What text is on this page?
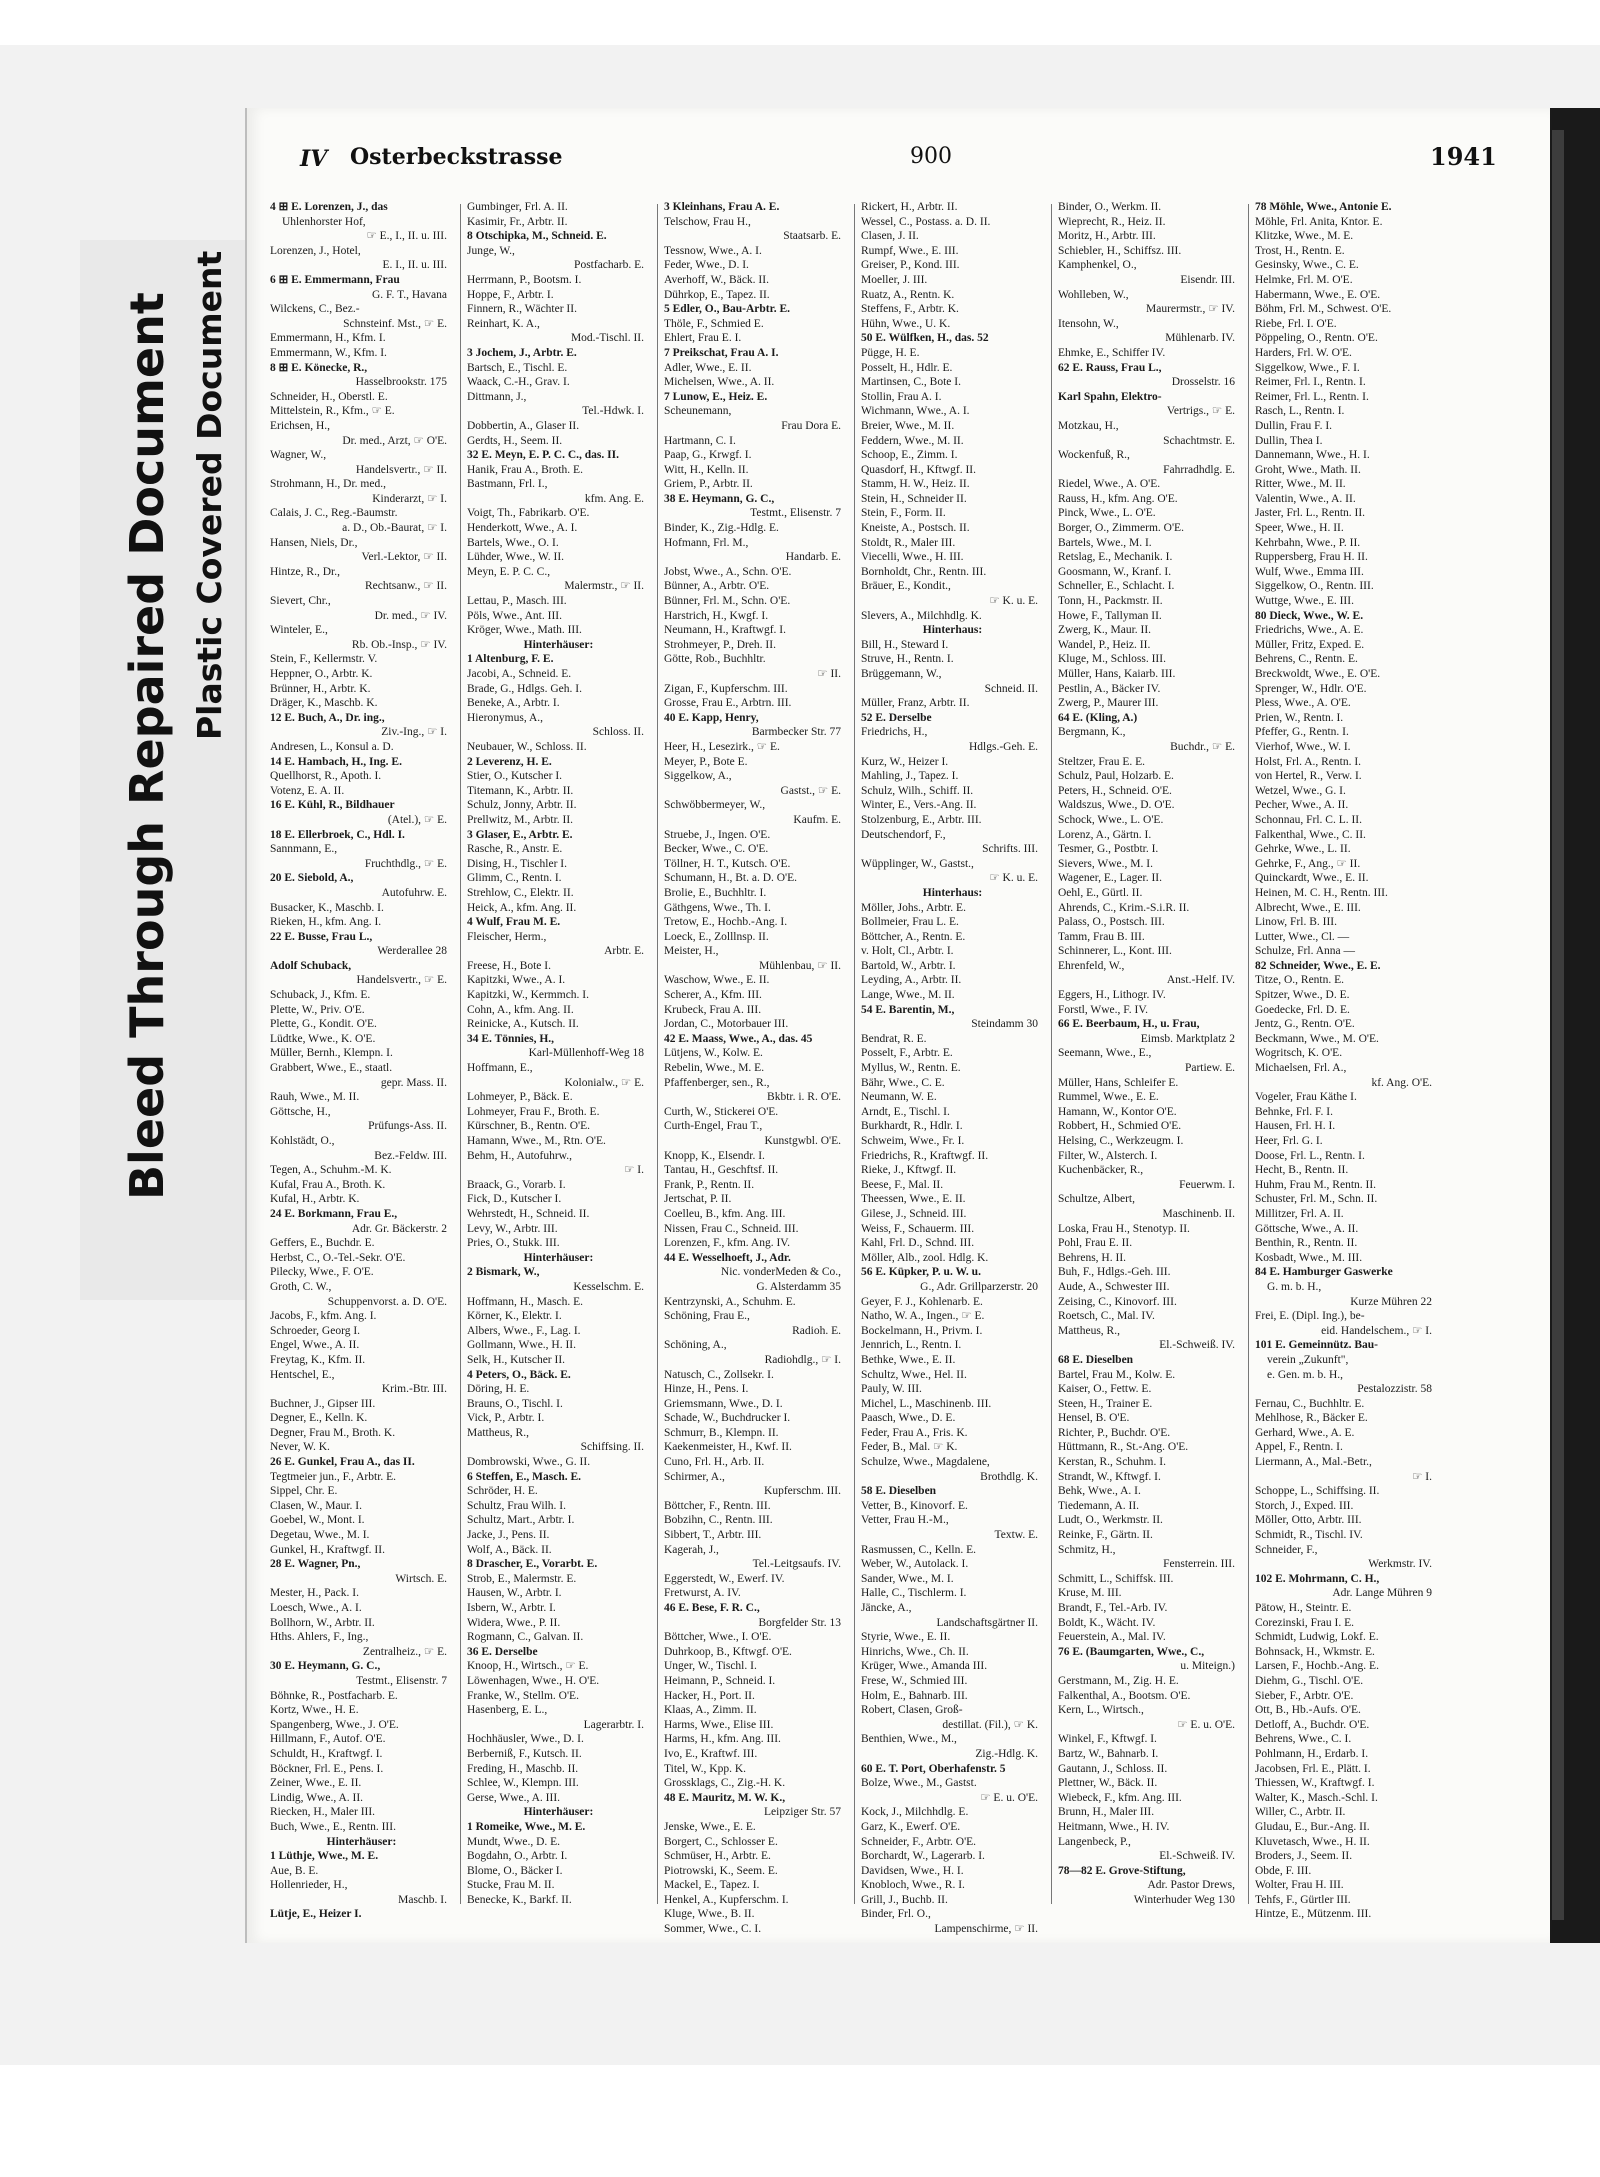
Bleed Through Repaired Document Plastic Covered Document
IV Osterbeckstrasse	900	1941
4 ⊞ E. Lorenzen, J., das
Uhlenhorster Hof,
☞ E., I., II. u. III.
Lorenzen, J., Hotel,
E. I., II. u. III.
6 ⊞ E. Emmermann, Frau
G. F. T., Havana
Wilckens, C., Bez.-
Schnsteinf. Mst., ☞ E.
Emmermann, H., Kfm. I.
Emmermann, W., Kfm. I.
8 ⊞ E. Könecke, R.,
Hasselbrookstr. 175
Schneider, H., Oberstl. E.
Mittelstein, R., Kfm., ☞ E.
Erichsen, H.,
Dr. med., Arzt, ☞ O'E.
Wagner, W.,
Handelsvertr., ☞ II.
Strohmann, H., Dr. med.,
Kinderarzt, ☞ I.
Calais, J. C., Reg.-Baumstr.
a. D., Ob.-Baurat, ☞ I.
Hansen, Niels, Dr.,
Verl.-Lektor, ☞ II.
Hintze, R., Dr.,
Rechtsanw., ☞ II.
Sievert, Chr.,
Dr. med., ☞ IV.
Winteler, E.,
Rb. Ob.-Insp., ☞ IV.
Stein, F., Kellermstr. V.
Heppner, O., Arbtr. K.
Brünner, H., Arbtr. K.
Dräger, K., Maschb. K.
12 E. Buch, A., Dr. ing.,
Ziv.-Ing., ☞ I.
Andresen, L., Konsul a. D.
14 E. Hambach, H., Ing. E.
Quellhorst, R., Apoth. I.
Votenz, E. A. II.
16 E. Kühl, R., Bildhauer
(Atel.), ☞ E.
18 E. Ellerbroek, C., Hdl. I.
Sannmann, E.,
Fruchthdlg., ☞ E.
20 E. Siebold, A.,
Autofuhrw. E.
Busacker, K., Maschb. I.
Rieken, H., kfm. Ang. I.
22 E. Busse, Frau L.,
Werderallee 28
Adolf Schuback,
Handelsvertr., ☞ E.
Schuback, J., Kfm. E.
Plette, W., Priv. O'E.
Plette, G., Kondit. O'E.
Lüdtke, Wwe., K. O'E.
Müller, Bernh., Klempn. I.
Grabbert, Wwe., E., staatl.
gepr. Mass. II.
Rauh, Wwe., M. II.
Göttsche, H.,
Prüfungs-Ass. II.
Kohlstädt, O.,
Bez.-Feldw. III.
Tegen, A., Schuhm.-M. K.
Kufal, Frau A., Broth. K.
Kufal, H., Arbtr. K.
24 E. Borkmann, Frau E.,
Adr. Gr. Bäckerstr. 2
Geffers, E., Buchdr. E.
Herbst, C., O.-Tel.-Sekr. O'E.
Pilecky, Wwe., F. O'E.
Groth, C. W.,
Schuppenvorst. a. D. O'E.
Jacobs, F., kfm. Ang. I.
Schroeder, Georg I.
Engel, Wwe., A. II.
Freytag, K., Kfm. II.
Hentschel, E.,
Krim.-Btr. III.
Buchner, J., Gipser III.
Degner, E., Kelln. K.
Degner, Frau M., Broth. K.
Never, W. K.
26 E. Gunkel, Frau A., das II.
Tegtmeier jun., F., Arbtr. E.
Sippel, Chr. E.
Clasen, W., Maur. I.
Goebel, W., Mont. I.
Degetau, Wwe., M. I.
Gunkel, H., Kraftwgf. II.
28 E. Wagner, Pn.,
Wirtsch. E.
Mester, H., Pack. I.
Loesch, Wwe., A. I.
Bollhorn, W., Arbtr. II.
Hths. Ahlers, F., Ing.,
Zentralheiz., ☞ E.
30 E. Heymann, G. C.,
Testmt., Elisenstr. 7
Böhnke, R., Postfacharb. E.
Kortz, Wwe., H. E.
Spangenberg, Wwe., J. O'E.
Hillmann, F., Autof. O'E.
Schuldt, H., Kraftwgf. I.
Böckner, Frl. E., Pens. I.
Zeiner, Wwe., E. II.
Lindig, Wwe., A. II.
Riecken, H., Maler III.
Buch, Wwe., E., Rentn. III.
Hinterhäuser:
1 Lüthje, Wwe., M. E.
Aue, B. E.
Hollenrieder, H.,
Maschb. I.
Lütje, E., Heizer I.
Gumbinger, Frl. A. II.
Kasimir, Fr., Arbtr. II.
8 Otschipka, M., Schneid. E.
Junge, W.,
Postfacharb. E.
Herrmann, P., Bootsm. I.
Hoppe, F., Arbtr. I.
Finnern, R., Wächter II.
Reinhart, K. A.,
Mod.-Tischl. II.
3 Jochem, J., Arbtr. E.
Bartsch, E., Tischl. E.
Waack, C.-H., Grav. I.
Dittmann, J.,
Tel.-Hdwk. I.
Dobbertin, A., Glaser II.
Gerdts, H., Seem. II.
32 E. Meyn, E. P. C. C., das. II.
Hanik, Frau A., Broth. E.
Bastmann, Frl. I.,
kfm. Ang. E.
Voigt, Th., Fabrikarb. O'E.
Henderkott, Wwe., A. I.
Bartels, Wwe., O. I.
Lühder, Wwe., W. II.
Meyn, E. P. C. C.,
Malermstr., ☞ II.
Lettau, P., Masch. III.
Pöls, Wwe., Ant. III.
Kröger, Wwe., Math. III.
Hinterhäuser:
1 Altenburg, F. E.
Jacobi, A., Schneid. E.
Brade, G., Hdlgs. Geh. I.
Beneke, A., Arbtr. I.
Hieronymus, A.,
Schloss. II.
Neubauer, W., Schloss. II.
2 Leverenz, H. E.
Stier, O., Kutscher I.
Titemann, K., Arbtr. II.
Schulz, Jonny, Arbtr. II.
Prellwitz, M., Arbtr. II.
3 Glaser, E., Arbtr. E.
Rasche, R., Anstr. E.
Dising, H., Tischler I.
Glimm, C., Rentn. I.
Strehlow, C., Elektr. II.
Heick, A., kfm. Ang. II.
4 Wulf, Frau M. E.
Fleischer, Herm.,
Arbtr. E.
Freese, H., Bote I.
Kapitzki, Wwe., A. I.
Kapitzki, W., Kermmch. I.
Cohn, A., kfm. Ang. II.
Reinicke, A., Kutsch. II.
34 E. Tönnies, H.,
Karl-Müllenhoff-Weg 18
Hoffmann, E.,
Kolonialw., ☞ E.
Lohmeyer, P., Bäck. E.
Lohmeyer, Frau F., Broth. E.
Kürschner, B., Rentn. O'E.
Hamann, Wwe., M., Rtn. O'E.
Behm, H., Autofuhrw.,
☞ I.
Braack, G., Vorarb. I.
Fick, D., Kutscher I.
Wehrstedt, H., Schneid. II.
Levy, W., Arbtr. III.
Pries, O., Stukk. III.
Hinterhäuser:
2 Bismark, W.,
Kesselschm. E.
Hoffmann, H., Masch. E.
Körner, K., Elektr. I.
Albers, Wwe., F., Lag. I.
Gollmann, Wwe., H. II.
Selk, H., Kutscher II.
4 Peters, O., Bäck. E.
Döring, H. E.
Brauns, O., Tischl. I.
Vick, P., Arbtr. I.
Mattheus, R.,
Schiffsing. II.
Dombrowski, Wwe., G. II.
6 Steffen, E., Masch. E.
Schröder, H. E.
Schultz, Frau Wilh. I.
Schultz, Mart., Arbtr. I.
Jacke, J., Pens. II.
Wolf, A., Bäck. II.
8 Drascher, E., Vorarbt. E.
Strob, E., Malermstr. E.
Hausen, W., Arbtr. I.
Isbern, W., Arbtr. I.
Widera, Wwe., P. II.
Rogmann, C., Galvan. II.
36 E. Derselbe
Knoop, H., Wirtsch., ☞ E.
Löwenhagen, Wwe., H. O'E.
Franke, W., Stellm. O'E.
Hasenberg, E. L.,
Lagerarbtr. I.
Hochhäusler, Wwe., D. I.
Berberniß, F., Kutsch. II.
Freding, H., Maschb. II.
Schlee, W., Klempn. III.
Gerse, Wwe., A. III.
Hinterhäuser:
1 Romeike, Wwe., M. E.
Mundt, Wwe., D. E.
Bogdahn, O., Arbtr. I.
Blome, O., Bäcker I.
Stucke, Frau M. II.
Benecke, K., Barkf. II.
3 Kleinhans, Frau A. E.
Telschow, Frau H.,
Staatsarb. E.
Tessnow, Wwe., A. I.
Feder, Wwe., D. I.
Averhoff, W., Bäck. II.
Dührkop, E., Tapez. II.
5 Edler, O., Bau-Arbtr. E.
Thöle, F., Schmied E.
Ehlert, Frau E. I.
7 Preikschat, Frau A. I.
Adler, Wwe., E. II.
Michelsen, Wwe., A. II.
7 Lunow, E., Heiz. E.
Scheunemann,
Frau Dora E.
Hartmann, C. I.
Paap, G., Krwgf. I.
Witt, H., Kelln. II.
Griem, P., Arbtr. II.
38 E. Heymann, G. C.,
Testmt., Elisenstr. 7
Binder, K., Zig.-Hdlg. E.
Hofmann, Frl. M.,
Handarb. E.
Jobst, Wwe., A., Schn. O'E.
Bünner, A., Arbtr. O'E.
Bünner, Frl. M., Schn. O'E.
Harstrich, H., Kwgf. I.
Neumann, H., Kraftwgf. I.
Strohmeyer, P., Dreh. II.
Götte, Rob., Buchhltr.
☞ II.
Zigan, F., Kupferschm. III.
Grosse, Frau E., Arbtrn. III.
40 E. Kapp, Henry,
Barmbecker Str. 77
Heer, H., Lesezirk., ☞ E.
Meyer, P., Bote E.
Siggelkow, A.,
Gastst., ☞ E.
Schwöbbermeyer, W.,
Kaufm. E.
Struebe, J., Ingen. O'E.
Becker, Wwe., C. O'E.
Töllner, H. T., Kutsch. O'E.
Schumann, H., Bt. a. D. O'E.
Brolie, E., Buchhltr. I.
Gäthgens, Wwe., Th. I.
Tretow, E., Hochb.-Ang. I.
Loeck, E., Zolllnsp. II.
Meister, H.,
Mühlenbau, ☞ II.
Waschow, Wwe., E. II.
Scherer, A., Kfm. III.
Krubeck, Frau A. III.
Jordan, C., Motorbauer III.
42 E. Maass, Wwe., A., das. 45
Lütjens, W., Kolw. E.
Rebelin, Wwe., M. E.
Pfaffenberger, sen., R.,
Bkbtr. i. R. O'E.
Curth, W., Stickerei O'E.
Curth-Engel, Frau T.,
Kunstgwbl. O'E.
Knopp, K., Elsendr. I.
Tantau, H., Geschftsf. II.
Frank, P., Rentn. II.
Jertschat, P. II.
Coelleu, B., kfm. Ang. III.
Nissen, Frau C., Schneid. III.
Lorenzen, F., kfm. Ang. IV.
44 E. Wesselhoeft, J., Adr.
Nic. vonderMeden & Co.,
G. Alsterdamm 35
Kentrzynski, A., Schuhm. E.
Schöning, Frau E.,
Radioh. E.
Schöning, A.,
Radiohdlg., ☞ I.
Natusch, C., Zollsekr. I.
Hinze, H., Pens. I.
Griemsmann, Wwe., D. I.
Schade, W., Buchdrucker I.
Schmurr, B., Klempn. II.
Kaekenmeister, H., Kwf. II.
Cuno, Frl. H., Arb. II.
Schirmer, A.,
Kupferschm. III.
Böttcher, F., Rentn. III.
Bobzihn, C., Rentn. III.
Sibbert, T., Arbtr. III.
Kagerah, J.,
Tel.-Leitgsaufs. IV.
Eggerstedt, W., Ewerf. IV.
Fretwurst, A. IV.
46 E. Bese, F. R. C.,
Borgfelder Str. 13
Böttcher, Wwe., I. O'E.
Duhrkoop, B., Kftwgf. O'E.
Unger, W., Tischl. I.
Heimann, P., Schneid. I.
Hacker, H., Port. II.
Klaas, A., Zimm. II.
Harms, Wwe., Elise III.
Harms, H., kfm. Ang. III.
Ivo, E., Kraftwf. III.
Titel, W., Kpp. K.
Grossklags, C., Zig.-H. K.
48 E. Mauritz, M. W. K.,
Leipziger Str. 57
Jenske, Wwe., E. E.
Borgert, C., Schlosser E.
Schmüser, H., Arbtr. E.
Piotrowski, K., Seem. E.
Mackel, E., Tapez. I.
Henkel, A., Kupferschm. I.
Kluge, Wwe., B. II.
Sommer, Wwe., C. I.
Rickert, H., Arbtr. II.
Wessel, C., Postass. a. D. II.
Clasen, J. II.
Rumpf, Wwe., E. III.
Greiser, P., Kond. III.
Moeller, J. III.
Ruatz, A., Rentn. K.
Steffens, F., Arbtr. K.
Hühn, Wwe., U. K.
50 E. Wülfken, H., das. 52
Pügge, H. E.
Posselt, H., Hdlr. E.
Martinsen, C., Bote I.
Stollin, Frau A. I.
Wichmann, Wwe., A. I.
Breier, Wwe., M. II.
Feddern, Wwe., M. II.
Schoop, E., Zimm. I.
Quasdorf, H., Kftwgf. II.
Stamm, H. W., Heiz. II.
Stein, H., Schneider II.
Stein, F., Form. II.
Kneiste, A., Postsch. II.
Stoldt, R., Maler III.
Viecelli, Wwe., H. III.
Bornholdt, Chr., Rentn. III.
Bräuer, E., Kondit.,
☞ K. u. E.
Slevers, A., Milchhdlg. K.
Hinterhaus:
Bill, H., Steward I.
Struve, H., Rentn. I.
Brüggemann, W.,
Schneid. II.
Müller, Franz, Arbtr. II.
52 E. Derselbe
Friedrichs, H.,
Hdlgs.-Geh. E.
Kurz, W., Heizer I.
Mahling, J., Tapez. I.
Schulz, Wilh., Schiff. II.
Winter, E., Vers.-Ang. II.
Stolzenburg, E., Arbtr. III.
Deutschendorf, F.,
Schrifts. III.
Wüpplinger, W., Gastst.,
☞ K. u. E.
Hinterhaus:
Möller, Johs., Arbtr. E.
Bollmeier, Frau L. E.
Böttcher, A., Rentn. E.
v. Holt, Cl., Arbtr. I.
Bartold, W., Arbtr. I.
Leyding, A., Arbtr. II.
Lange, Wwe., M. II.
54 E. Barentin, M.,
Steindamm 30
Bendrat, R. E.
Posselt, F., Arbtr. E.
Myllus, W., Rentn. E.
Bähr, Wwe., C. E.
Neumann, W. E.
Arndt, E., Tischl. I.
Burkhardt, R., Hdlr. I.
Schweim, Wwe., Fr. I.
Friedrichs, R., Kraftwgf. II.
Rieke, J., Kftwgf. II.
Beese, F., Mal. II.
Theessen, Wwe., E. II.
Gilese, J., Schneid. III.
Weiss, F., Schauerm. III.
Kahl, Frl. D., Schnd. III.
Möller, Alb., zool. Hdlg. K.
56 E. Küpker, P. u. W. u.
G., Adr. Grillparzerstr. 20
Geyer, F. J., Kohlenarb. E.
Natho, W. A., Ingen., ☞ E.
Bockelmann, H., Privm. I.
Jennrich, L., Rentn. I.
Bethke, Wwe., E. II.
Schultz, Wwe., Hel. II.
Pauly, W. III.
Michel, L., Maschinenb. III.
Paasch, Wwe., D. E.
Feder, Frau A., Fris. K.
Feder, B., Mal. ☞ K.
Schulze, Wwe., Magdalene,
Brothdlg. K.
58 E. Dieselben
Vetter, B., Kinovorf. E.
Vetter, Frau H.-M.,
Textw. E.
Rasmussen, C., Kelln. E.
Weber, W., Autolack. I.
Sander, Wwe., M. I.
Halle, C., Tischlerm. I.
Jäncke, A.,
Landschaftsgärtner II.
Styrie, Wwe., E. II.
Hinrichs, Wwe., Ch. II.
Krüger, Wwe., Amanda III.
Frese, W., Schmied III.
Holm, E., Bahnarb. III.
Robert, Clasen, Groß-
destillat. (Fil.), ☞ K.
Benthien, Wwe., M.,
Zig.-Hdlg. K.
60 E. T. Port, Oberhafenstr. 5
Bolze, Wwe., M., Gastst.
☞ E. u. O'E.
Kock, J., Milchhdlg. E.
Garz, K., Ewerf. O'E.
Schneider, F., Arbtr. O'E.
Borchardt, W., Lagerarb. I.
Davidsen, Wwe., H. I.
Knobloch, Wwe., R. I.
Grill, J., Buchb. II.
Binder, Frl. O.,
Lampenschirme, ☞ II.
Binder, O., Werkm. II.
Wieprecht, R., Heiz. II.
Moritz, H., Arbtr. III.
Schiebler, H., Schiffsz. III.
Kamphenkel, O.,
Eisendr. III.
Wohlleben, W.,
Maurermstr., ☞ IV.
Itensohn, W.,
Mühlenarb. IV.
Ehmke, E., Schiffer IV.
62 E. Rauss, Frau L.,
Drosselstr. 16
Karl Spahn, Elektro-
Vertrigs., ☞ E.
Motzkau, H.,
Schachtmstr. E.
Wockenfuß, R.,
Fahrradhdlg. E.
Riedel, Wwe., A. O'E.
Rauss, H., kfm. Ang. O'E.
Pinck, Wwe., L. O'E.
Borger, O., Zimmerm. O'E.
Bartels, Wwe., M. I.
Retslag, E., Mechanik. I.
Goosmann, W., Kranf. I.
Schneller, E., Schlacht. I.
Tonn, H., Packmstr. II.
Howe, F., Tallyman II.
Zwerg, K., Maur. II.
Wandel, P., Heiz. II.
Kluge, M., Schloss. III.
Müller, Hans, Kaiarb. III.
Pestlin, A., Bäcker IV.
Zwerg, P., Maurer III.
64 E. (Kling, A.)
Bergmann, K.,
Buchdr., ☞ E.
Steltzer, Frau E. E.
Schulz, Paul, Holzarb. E.
Peters, H., Schneid. O'E.
Waldszus, Wwe., D. O'E.
Schock, Wwe., L. O'E.
Lorenz, A., Gärtn. I.
Tesmer, G., Postbtr. I.
Sievers, Wwe., M. I.
Wagener, E., Lager. II.
Oehl, E., Gürtl. II.
Ahrends, C., Krim.-S.i.R. II.
Palass, O., Postsch. III.
Tamm, Frau B. III.
Schinnerer, L., Kont. III.
Ehrenfeld, W.,
Anst.-Helf. IV.
Eggers, H., Lithogr. IV.
Forstl, Wwe., F. IV.
66 E. Beerbaum, H., u. Frau,
Eimsb. Marktplatz 2
Seemann, Wwe., E.,
Partiew. E.
Müller, Hans, Schleifer E.
Rummel, Wwe., E. E.
Hamann, W., Kontor O'E.
Robbert, H., Schmied O'E.
Helsing, C., Werkzeugm. I.
Filter, W., Alsterch. I.
Kuchenbäcker, R.,
Feuerwm. I.
Schultze, Albert,
Maschinenb. II.
Loska, Frau H., Stenotyp. II.
Pohl, Frau E. II.
Behrens, H. II.
Buh, F., Hdlgs.-Geh. III.
Aude, A., Schwester III.
Zeising, C., Kinovorf. III.
Roetsch, C., Mal. IV.
Mattheus, R.,
El.-Schweiß. IV.
68 E. Dieselben
Bartel, Frau M., Kolw. E.
Kaiser, O., Fettw. E.
Steen, H., Trainer E.
Hensel, B. O'E.
Richter, P., Buchdr. O'E.
Hüttmann, R., St.-Ang. O'E.
Kerstan, R., Schuhm. I.
Strandt, W., Kftwgf. I.
Behk, Wwe., A. I.
Tiedemann, A. II.
Ludt, O., Werkmstr. II.
Reinke, F., Gärtn. II.
Schmitz, H.,
Fensterrein. III.
Schmitt, L., Schiffsk. III.
Kruse, M. III.
Brandt, F., Tel.-Arb. IV.
Boldt, K., Wächt. IV.
Feuerstein, A., Mal. IV.
76 E. (Baumgarten, Wwe., C.,
u. Miteign.)
Gerstmann, M., Zig. H. E.
Falkenthal, A., Bootsm. O'E.
Kern, L., Wirtsch.,
☞ E. u. O'E.
Winkel, F., Kftwgf. I.
Bartz, W., Bahnarb. I.
Gautann, J., Schloss. II.
Plettner, W., Bäck. II.
Wiebeck, F., kfm. Ang. III.
Brunn, H., Maler III.
Heitmann, Wwe., H. IV.
Langenbeck, P.,
El.-Schweiß. IV.
78—82 E. Grove-Stiftung,
Adr. Pastor Drews,
Winterhuder Weg 130
78 Möhle, Wwe., Antonie E.
Möhle, Frl. Anita, Kntor. E.
Klitzke, Wwe., M. E.
Trost, H., Rentn. E.
Gesinsky, Wwe., C. E.
Helmke, Frl. M. O'E.
Habermann, Wwe., E. O'E.
Böhm, Frl. M., Schwest. O'E.
Riebe, Frl. I. O'E.
Pöppeling, O., Rentn. O'E.
Harders, Frl. W. O'E.
Siggelkow, Wwe., F. I.
Reimer, Frl. I., Rentn. I.
Reimer, Frl. L., Rentn. I.
Rasch, L., Rentn. I.
Dullin, Frau F. I.
Dullin, Thea I.
Dannemann, Wwe., H. I.
Groht, Wwe., Math. II.
Ritter, Wwe., M. II.
Valentin, Wwe., A. II.
Jaster, Frl. L., Rentn. II.
Speer, Wwe., H. II.
Kehrbahn, Wwe., P. II.
Ruppersberg, Frau H. II.
Wulf, Wwe., Emma III.
Siggelkow, O., Rentn. III.
Wuttge, Wwe., E. III.
80 Dieck, Wwe., W. E.
Friedrichs, Wwe., A. E.
Müller, Fritz, Exped. E.
Behrens, C., Rentn. E.
Breckwoldt, Wwe., E. O'E.
Sprenger, W., Hdlr. O'E.
Pless, Wwe., A. O'E.
Prien, W., Rentn. I.
Pfeffer, G., Rentn. I.
Vierhof, Wwe., W. I.
Holst, Frl. A., Rentn. I.
von Hertel, R., Verw. I.
Wetzel, Wwe., G. I.
Pecher, Wwe., A. II.
Schonnau, Frl. C. L. II.
Falkenthal, Wwe., C. II.
Gehrke, Wwe., L. II.
Gehrke, F., Ang., ☞ II.
Quinckardt, Wwe., E. II.
Heinen, M. C. H., Rentn. III.
Albrecht, Wwe., E. III.
Linow, Frl. B. III.
Lutter, Wwe., Cl. —
Schulze, Frl. Anna —
82 Schneider, Wwe., E. E.
Titze, O., Rentn. E.
Spitzer, Wwe., D. E.
Goedecke, Frl. D. E.
Jentz, G., Rentn. O'E.
Beckmann, Wwe., M. O'E.
Wogritsch, K. O'E.
Michaelsen, Frl. A.,
kf. Ang. O'E.
Vogeler, Frau Käthe I.
Behnke, Frl. F. I.
Hausen, Frl. H. I.
Heer, Frl. G. I.
Doose, Frl. L., Rentn. I.
Hecht, B., Rentn. II.
Huhm, Frau M., Rentn. II.
Schuster, Frl. M., Schn. II.
Millitzer, Frl. A. II.
Göttsche, Wwe., A. II.
Benthin, R., Rentn. II.
Kosbadt, Wwe., M. III.
84 E. Hamburger Gaswerke
G. m. b. H.,
Kurze Mühren 22
Frei, E. (Dipl. Ing.), be-
eid. Handelschem., ☞ I.
101 E. Gemeinnütz. Bau-
verein „Zukunft",
e. Gen. m. b. H.,
Pestalozzistr. 58
Fernau, C., Buchhltr. E.
Mehlhose, R., Bäcker E.
Gerhard, Wwe., A. E.
Appel, F., Rentn. I.
Liermann, A., Mal.-Betr.,
☞ I.
Schoppe, L., Schiffsing. II.
Storch, J., Exped. III.
Möller, Otto, Arbtr. III.
Schmidt, R., Tischl. IV.
Schneider, F.,
Werkmstr. IV.
102 E. Mohrmann, C. H.,
Adr. Lange Mühren 9
Pätow, H., Steintr. E.
Corezinski, Frau I. E.
Schmidt, Ludwig, Lokf. E.
Bohnsack, H., Wkmstr. E.
Larsen, F., Hochb.-Ang. E.
Diehm, G., Tischl. O'E.
Sieber, F., Arbtr. O'E.
Ott, B., Hb.-Aufs. O'E.
Detloff, A., Buchdr. O'E.
Behrens, Wwe., C. I.
Pohlmann, H., Erdarb. I.
Jacobsen, Frl. E., Plätt. I.
Thiessen, W., Kraftwgf. I.
Walter, K., Masch.-Schl. I.
Willer, C., Arbtr. II.
Gludau, E., Bur.-Ang. II.
Kluvetasch, Wwe., H. II.
Broders, J., Seem. II.
Obde, F. III.
Wolter, Frau H. III.
Tehfs, F., Gürtler III.
Hintze, E., Mützenm. III.
